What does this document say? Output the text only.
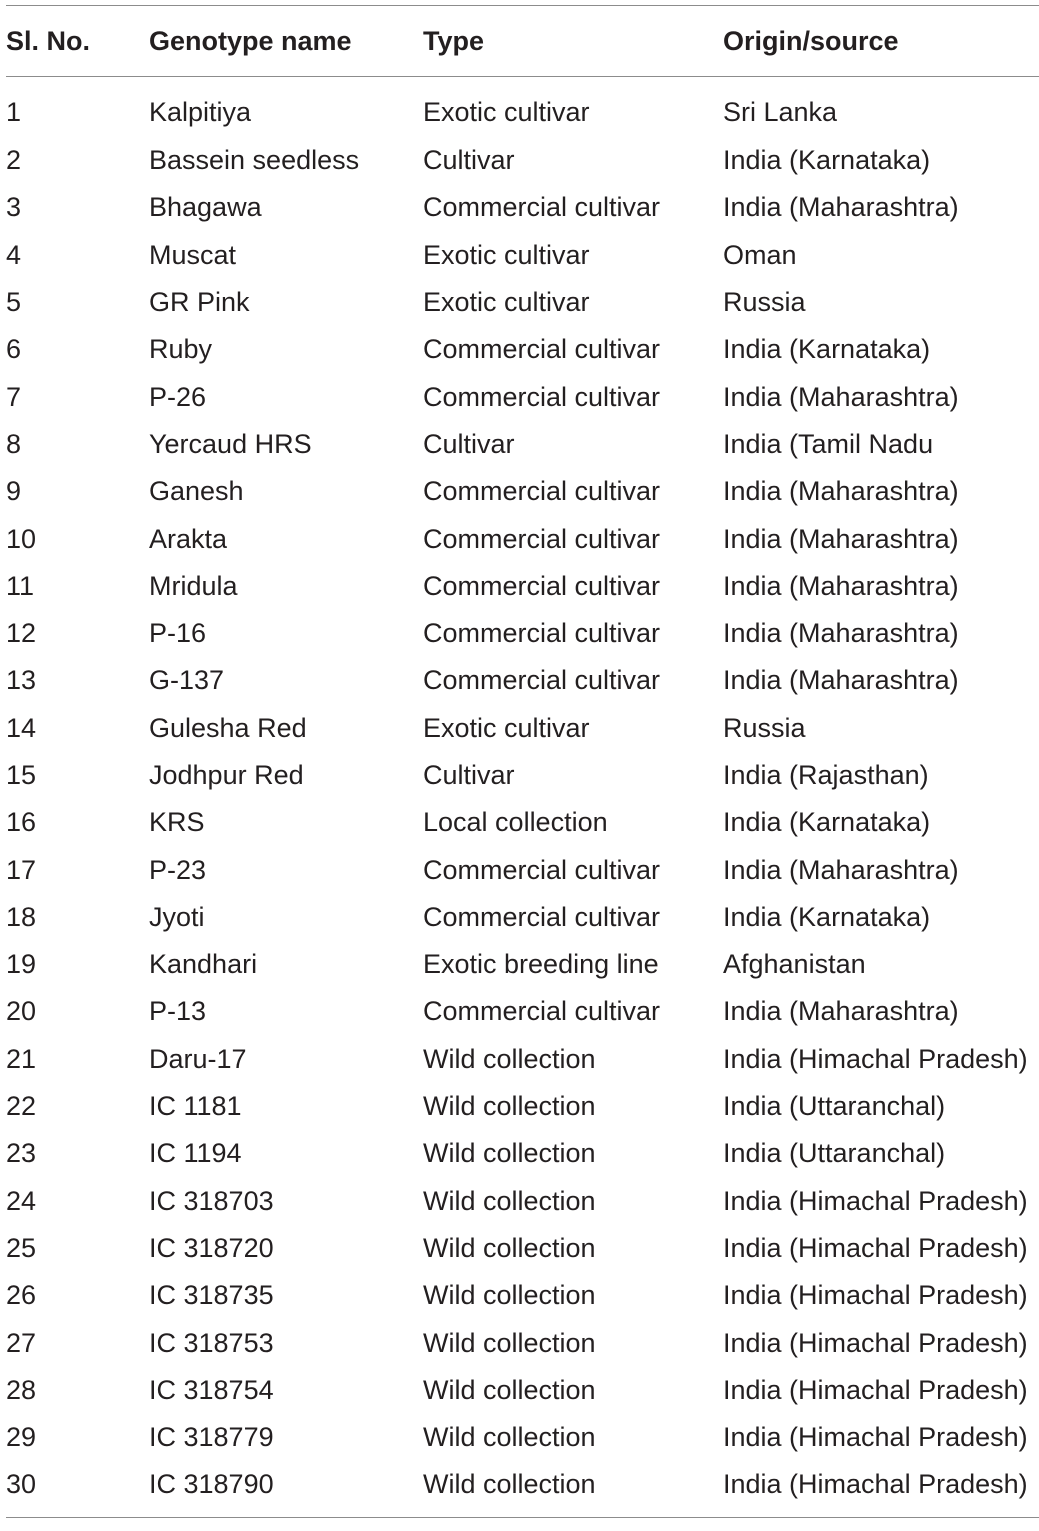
Sl. No.	Genotype name	Type	Origin/source
1	Kalpitiya	Exotic cultivar	Sri Lanka
2	Bassein seedless	Cultivar	India (Karnataka)
3	Bhagawa	Commercial cultivar	India (Maharashtra)
4	Muscat	Exotic cultivar	Oman
5	GR Pink	Exotic cultivar	Russia
6	Ruby	Commercial cultivar	India (Karnataka)
7	P-26	Commercial cultivar	India (Maharashtra)
8	Yercaud HRS	Cultivar	India (Tamil Nadu
9	Ganesh	Commercial cultivar	India (Maharashtra)
10	Arakta	Commercial cultivar	India (Maharashtra)
11	Mridula	Commercial cultivar	India (Maharashtra)
12	P-16	Commercial cultivar	India (Maharashtra)
13	G-137	Commercial cultivar	India (Maharashtra)
14	Gulesha Red	Exotic cultivar	Russia
15	Jodhpur Red	Cultivar	India (Rajasthan)
16	KRS	Local collection	India (Karnataka)
17	P-23	Commercial cultivar	India (Maharashtra)
18	Jyoti	Commercial cultivar	India (Karnataka)
19	Kandhari	Exotic breeding line	Afghanistan
20	P-13	Commercial cultivar	India (Maharashtra)
21	Daru-17	Wild collection	India (Himachal Pradesh)
22	IC 1181	Wild collection	India (Uttaranchal)
23	IC 1194	Wild collection	India (Uttaranchal)
24	IC 318703	Wild collection	India (Himachal Pradesh)
25	IC 318720	Wild collection	India (Himachal Pradesh)
26	IC 318735	Wild collection	India (Himachal Pradesh)
27	IC 318753	Wild collection	India (Himachal Pradesh)
28	IC 318754	Wild collection	India (Himachal Pradesh)
29	IC 318779	Wild collection	India (Himachal Pradesh)
30	IC 318790	Wild collection	India (Himachal Pradesh)
